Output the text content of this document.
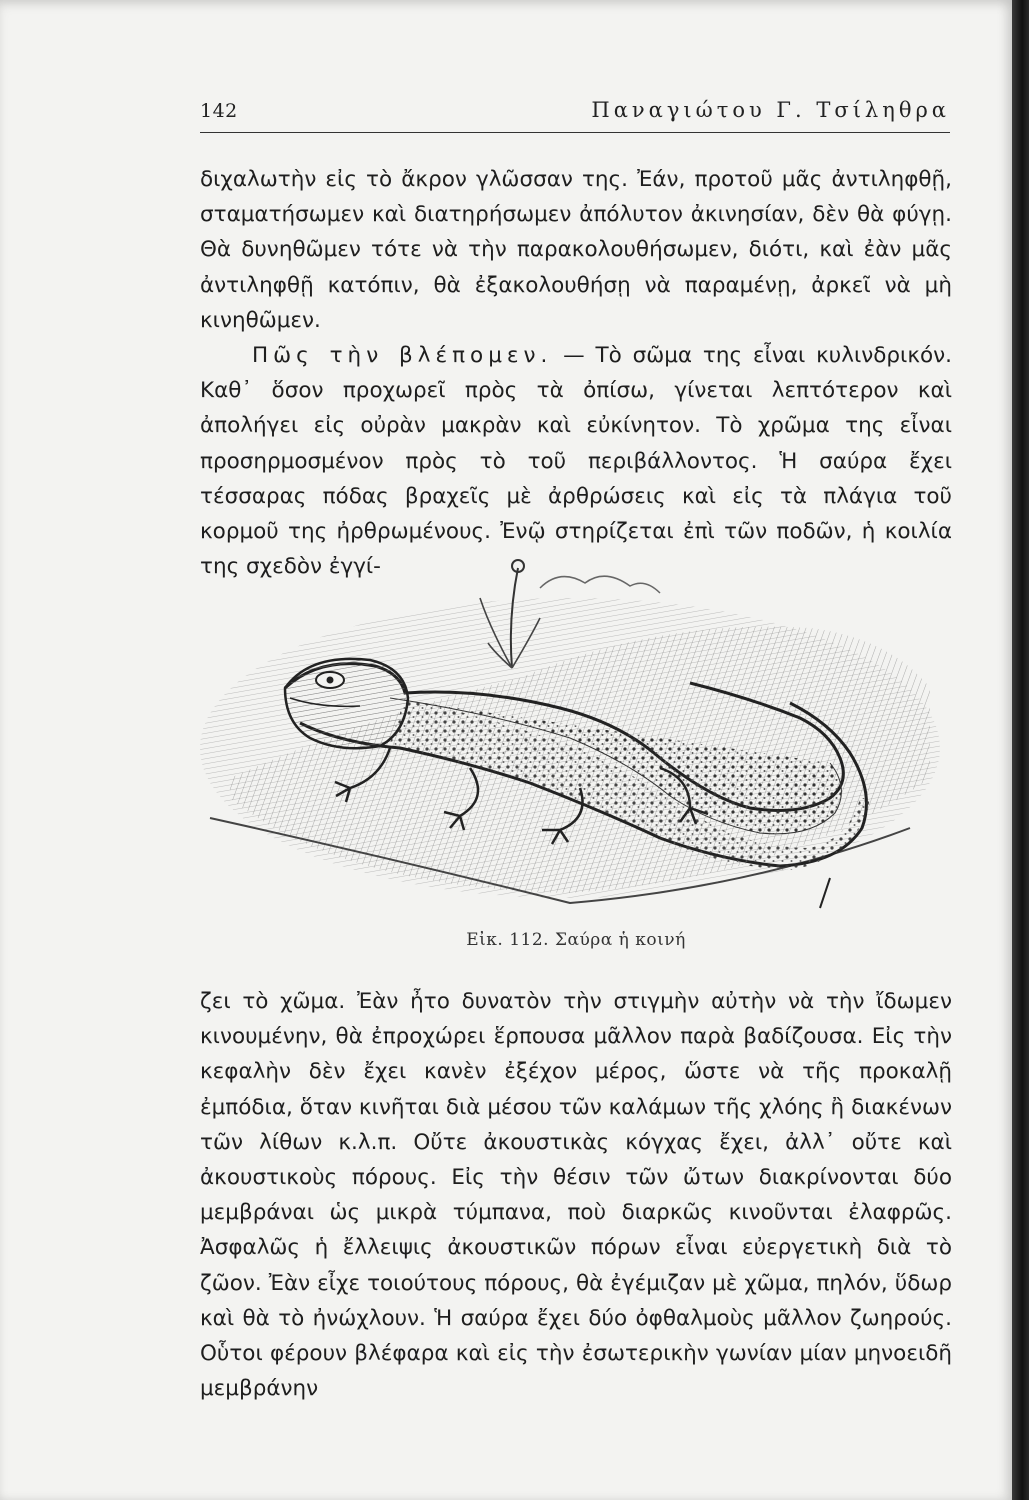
142	Παναγιώτου Γ. Τσίληθρα

διχαλωτὴν εἰς τὸ ἄκρον γλῶσσαν της. Ἐάν, προτοῦ μᾶς ἀντιληφθῇ, σταματήσωμεν καὶ διατηρήσωμεν ἀπόλυτον ἀκινησίαν, δὲν θὰ φύγῃ. Θὰ δυνηθῶμεν τότε νὰ τὴν παρακολουθήσωμεν, διότι, καὶ ἐὰν μᾶς ἀντιληφθῇ κατόπιν, θὰ ἐξακολουθήσῃ νὰ παραμένῃ, ἀρκεῖ νὰ μὴ κινηθῶμεν.

Πῶς τὴν βλέπομεν. — Τὸ σῶμα της εἶναι κυλινδρικόν. Καθ᾽ ὅσον προχωρεῖ πρὸς τὰ ὀπίσω, γίνεται λεπτότερον καὶ ἀπολήγει εἰς οὐρὰν μακρὰν καὶ εὐκίνητον. Τὸ χρῶμα της εἶναι προσηρμοσμένον πρὸς τὸ τοῦ περιβάλλοντος. Ἡ σαύρα ἔχει τέσσαρας πόδας βραχεῖς μὲ ἀρθρώσεις καὶ εἰς τὰ πλάγια τοῦ κορμοῦ της ἠρθρωμένους. Ἐνῷ στηρίζεται ἐπὶ τῶν ποδῶν, ἡ κοιλία της σχεδὸν ἐγγί-

Εἰκ. 112. Σαύρα ἡ κοινή

ζει τὸ χῶμα. Ἐὰν ἦτο δυνατὸν τὴν στιγμὴν αὐτὴν νὰ τὴν ἴδωμεν κινουμένην, θὰ ἐπροχώρει ἕρπουσα μᾶλλον παρὰ βαδίζουσα. Εἰς τὴν κεφαλὴν δὲν ἔχει κανὲν ἐξέχον μέρος, ὥστε νὰ τῆς προκαλῇ ἐμπόδια, ὅταν κινῆται διὰ μέσου τῶν καλάμων τῆς χλόης ἢ διακένων τῶν λίθων κ.λ.π. Οὔτε ἀκουστικὰς κόγχας ἔχει, ἀλλ᾽ οὔτε καὶ ἀκουστικοὺς πόρους. Εἰς τὴν θέσιν τῶν ὤτων διακρίνονται δύο μεμβράναι ὡς μικρὰ τύμπανα, ποὺ διαρκῶς κινοῦνται ἐλαφρῶς. Ἀσφαλῶς ἡ ἔλλειψις ἀκουστικῶν πόρων εἶναι εὐεργετικὴ διὰ τὸ ζῶον. Ἐὰν εἶχε τοιούτους πόρους, θὰ ἐγέμιζαν μὲ χῶμα, πηλόν, ὕδωρ καὶ θὰ τὸ ἠνώχλουν. Ἡ σαύρα ἔχει δύο ὀφθαλμοὺς μᾶλλον ζωηρούς. Οὗτοι φέρουν βλέφαρα καὶ εἰς τὴν ἐσωτερικὴν γωνίαν μίαν μηνοειδῆ μεμβράνην
